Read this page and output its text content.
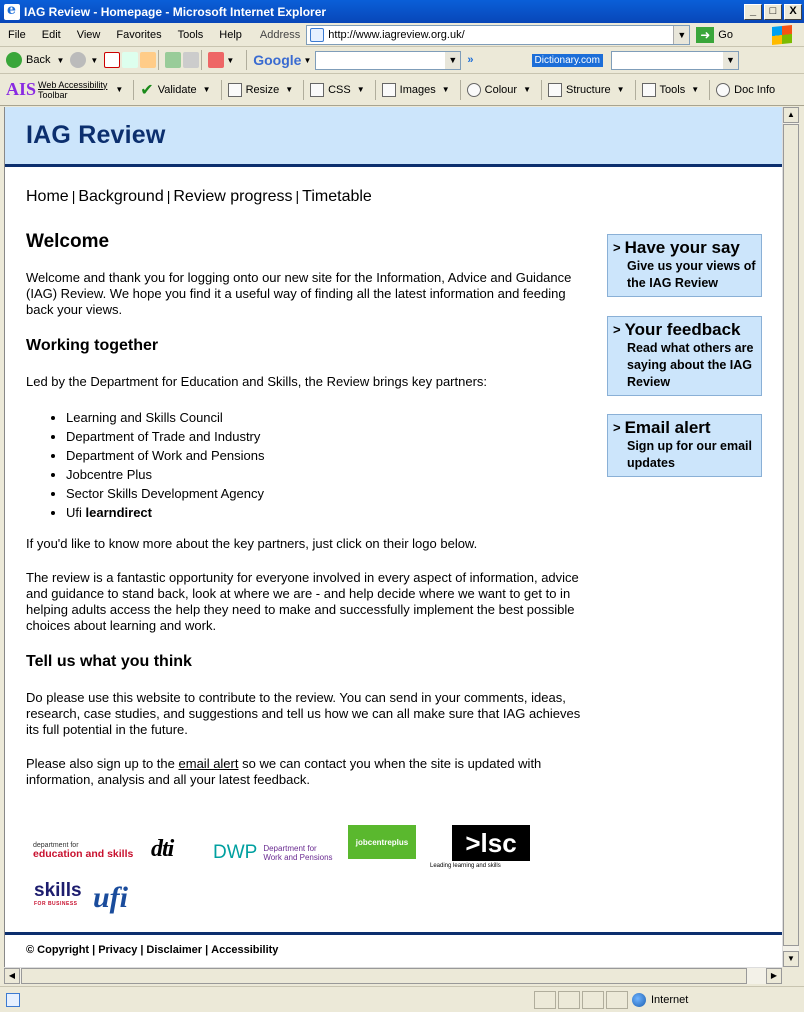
e
IAG Review - Homepage - Microsoft Internet Explorer	_	□	X
File	Edit	View	Favorites	Tools	Help	Address	http://www.iagreview.org.uk/	▼	➜ Go
Back ▼	▼	▼ Google ▼	▼ »	Dictionary.com	▼
AIS Web Accessibility
Toolbar	▼ ✔ Validate ▼	Resize ▼	CSS ▼	Images ▼	Colour ▼	Structure ▼	Tools ▼	Doc Info
IAG Review
Home | Background | Review progress | Timetable
Welcome

Welcome and thank you for logging onto our new site for the Information, Advice and Guidance (IAG) Review. We hope you find it a useful way of finding all the latest information and feeding back your views.

Working together

Led by the Department for Education and Skills, the Review brings key partners:

• Learning and Skills Council
• Department of Trade and Industry
• Department of Work and Pensions
• Jobcentre Plus
• Sector Skills Development Agency
• Ufi learndirect

If you'd like to know more about the key partners, just click on their logo below.

The review is a fantastic opportunity for everyone involved in every aspect of information, advice and guidance to stand back, look at where we are - and help decide where we want to get to in helping adults access the help they need to make and successfully implement the best possible choices about learning and work.

Tell us what you think

Do please use this website to contribute to the review. You can send in your comments, ideas, research, case studies, and suggestions and tell us how we can all make sure that IAG achieves its full potential in the future.

Please also sign up to the email alert so we can contact you when the site is updated with information, analysis and all your latest feedback.

> Have your say
Give us your views of the IAG Review
> Your feedback
Read what others are saying about the IAG Review
> Email alert
Sign up for our email updates
department for
education and skills dti DWP Department for
Work and Pensions
jobcentreplus	>lsc
Leading learning and skills
skills
FOR BUSINESS ufi
© Copyright | Privacy | Disclaimer | Accessibility
▲
▼
◀	▶
Internet
